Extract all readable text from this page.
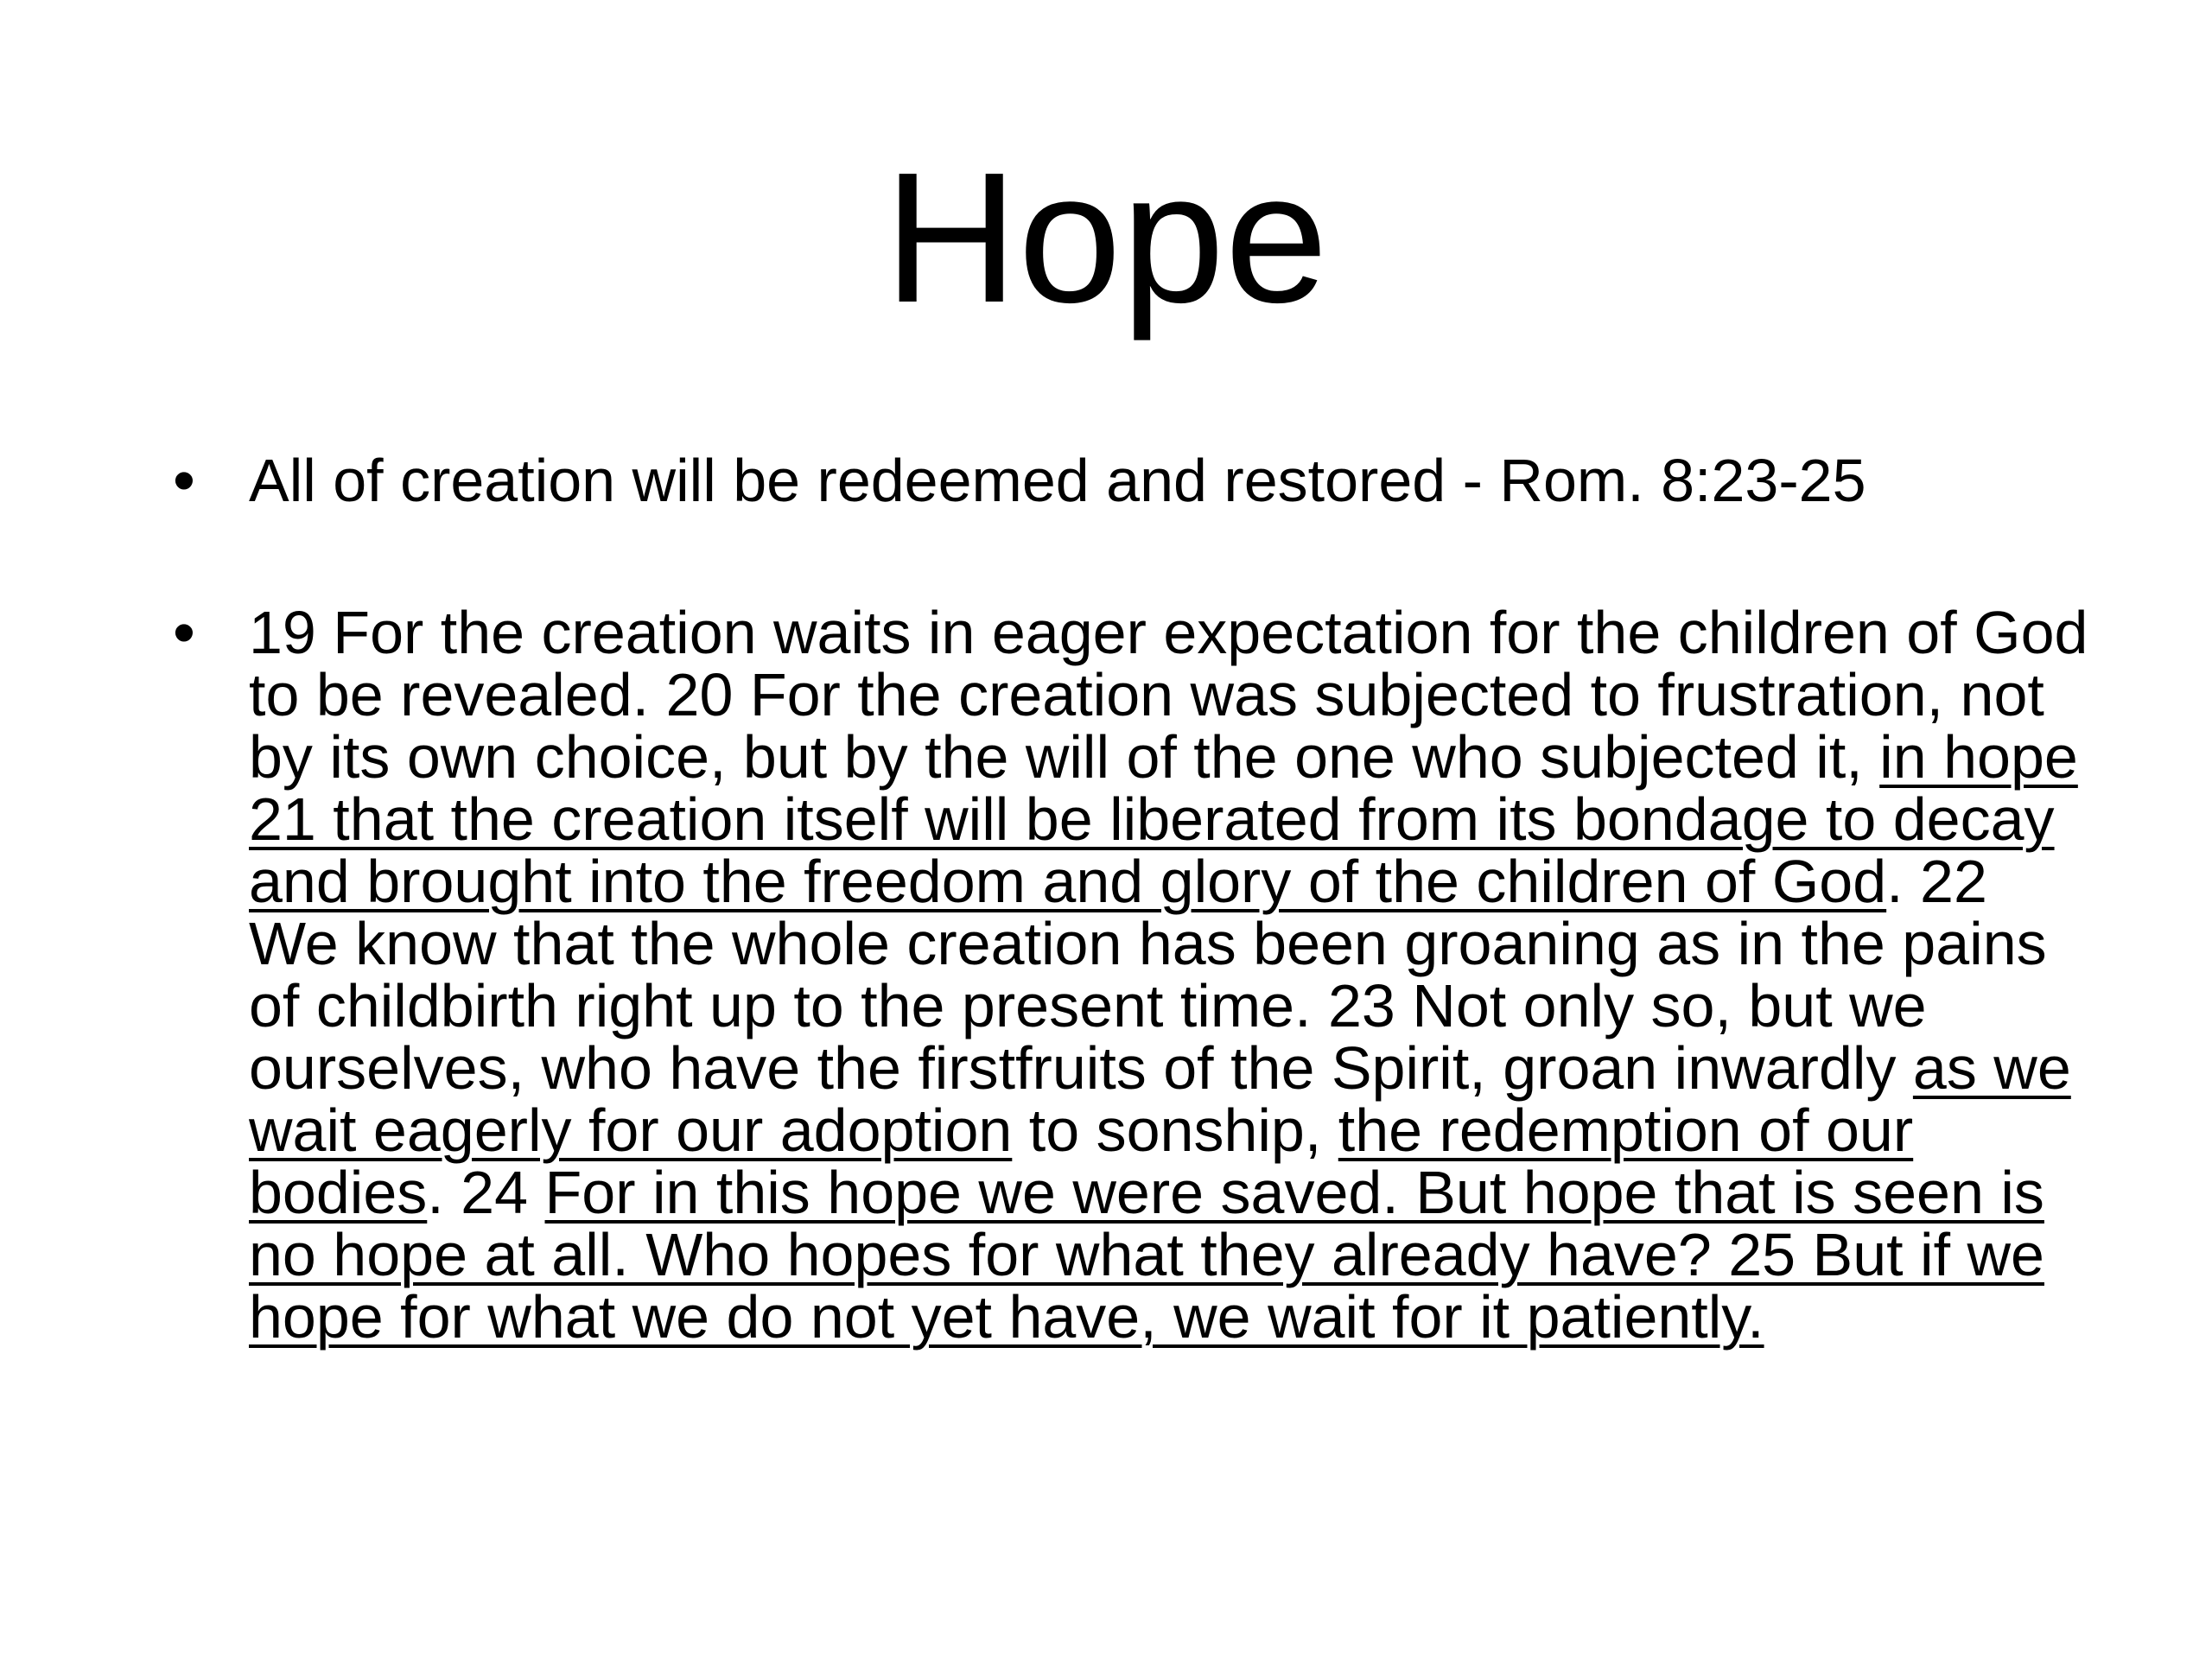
Hope
• All of creation will be redeemed and restored - Rom. 8:23-25
• 19 For the creation waits in eager expectation for the children of God to be revealed. 20 For the creation was subjected to frustration, not by its own choice, but by the will of the one who subjected it, in hope 21 that the creation itself will be liberated from its bondage to decay and brought into the freedom and glory of the children of God. 22 We know that the whole creation has been groaning as in the pains of childbirth right up to the present time. 23 Not only so, but we ourselves, who have the firstfruits of the Spirit, groan inwardly as we wait eagerly for our adoption to sonship, the redemption of our bodies. 24 For in this hope we were saved. But hope that is seen is no hope at all. Who hopes for what they already have? 25 But if we hope for what we do not yet have, we wait for it patiently.
